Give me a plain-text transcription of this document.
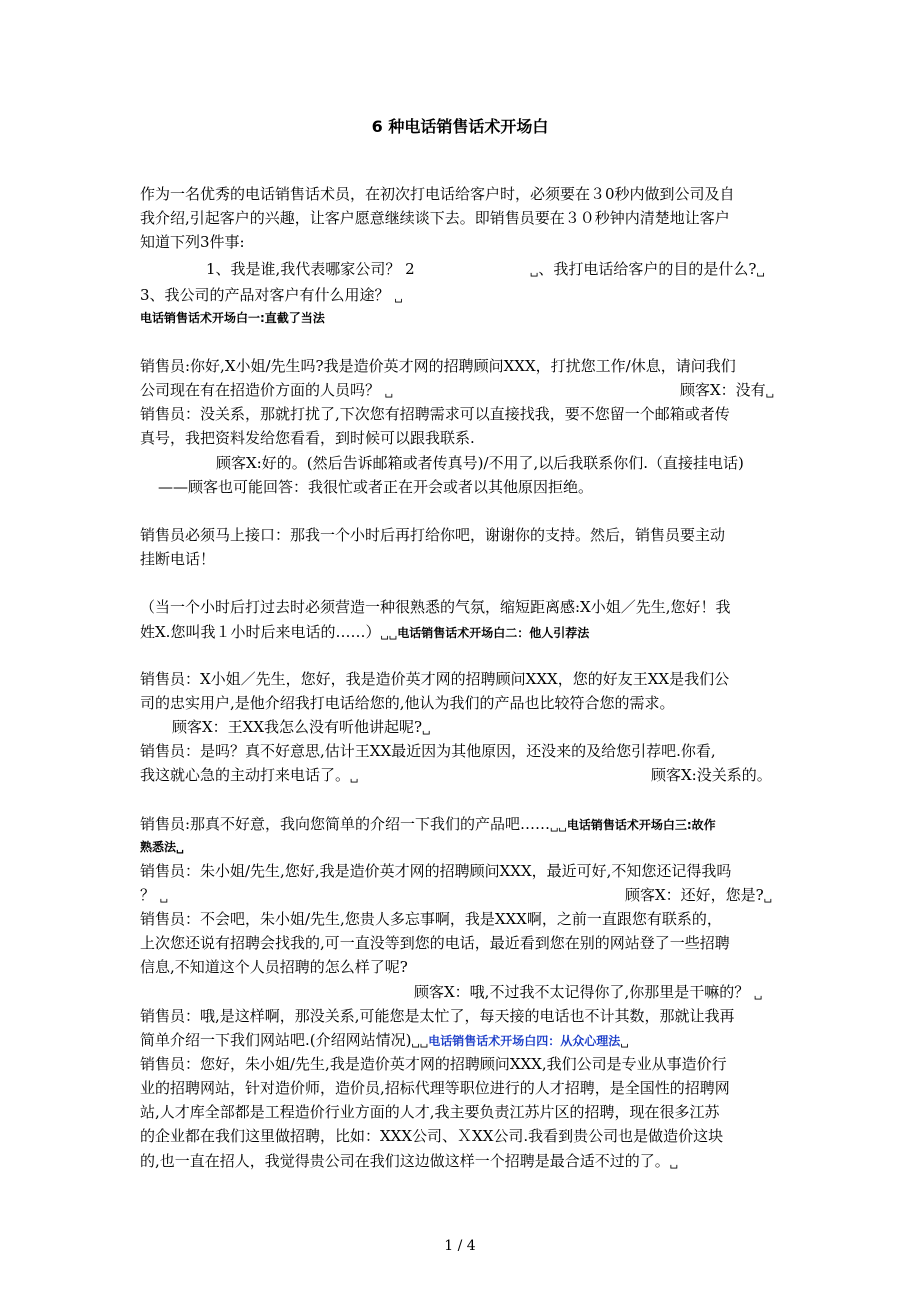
6 种电话销售话术开场白
作为一名优秀的电话销售话术员，在初次打电话给客户时，必须要在３0秒内做到公司及自
我介绍,引起客户的兴趣，让客户愿意继续谈下去。即销售员要在３０秒钟内清楚地让客户
知道下列3件事:
1、我是谁,我代表哪家公司？ 2	␣、我打电话给客户的目的是什么?␣
3、我公司的产品对客户有什么用途？ ␣
电话销售话术开场白一:直截了当法
销售员:你好,X小姐/先生吗?我是造价英才网的招聘顾问XXX，打扰您工作/休息，请问我们
公司现在有在招造价方面的人员吗？ ␣	顾客X：没有␣
销售员：没关系，那就打扰了,下次您有招聘需求可以直接找我，要不您留一个邮箱或者传
真号，我把资料发给您看看，到时候可以跟我联系.
顾客X:好的。(然后告诉邮箱或者传真号)/不用了,以后我联系你们.（直接挂电话)
——顾客也可能回答：我很忙或者正在开会或者以其他原因拒绝。
销售员必须马上接口：那我一个小时后再打给你吧，谢谢你的支持。然后，销售员要主动
挂断电话！
（当一个小时后打过去时必须营造一种很熟悉的气氛，缩短距离感:X小姐／先生,您好！我
姓X.您叫我１小时后来电话的……）␣␣电话销售话术开场白二：他人引荐法
销售员：X小姐／先生，您好，我是造价英才网的招聘顾问XXX，您的好友王XX是我们公
司的忠实用户,是他介绍我打电话给您的,他认为我们的产品也比较符合您的需求。
顾客X：王XX我怎么没有听他讲起呢?␣
销售员：是吗？真不好意思,估计王XX最近因为其他原因，还没来的及给您引荐吧.你看,
我这就心急的主动打来电话了。␣	顾客X:没关系的。
销售员:那真不好意，我向您简单的介绍一下我们的产品吧……␣␣电话销售话术开场白三:故作
熟悉法␣
销售员：朱小姐/先生,您好,我是造价英才网的招聘顾问XXX，最近可好,不知您还记得我吗
？ ␣	顾客X：还好，您是?␣
销售员：不会吧，朱小姐/先生,您贵人多忘事啊，我是XXX啊，之前一直跟您有联系的，
上次您还说有招聘会找我的,可一直没等到您的电话，最近看到您在别的网站登了一些招聘
信息,不知道这个人员招聘的怎么样了呢?
顾客X：哦,不过我不太记得你了,你那里是干嘛的？ ␣
销售员：哦,是这样啊，那没关系,可能您是太忙了，每天接的电话也不计其数，那就让我再
简单介绍一下我们网站吧.(介绍网站情况)␣␣电话销售话术开场白四：从众心理法␣
销售员：您好，朱小姐/先生,我是造价英才网的招聘顾问XXX,我们公司是专业从事造价行
业的招聘网站，针对造价师，造价员,招标代理等职位进行的人才招聘，是全国性的招聘网
站,人才库全部都是工程造价行业方面的人才,我主要负责江苏片区的招聘，现在很多江苏
的企业都在我们这里做招聘，比如：XXX公司、ＸXX公司.我看到贵公司也是做造价这块
的,也一直在招人，我觉得贵公司在我们这边做这样一个招聘是最合适不过的了。␣
1 / 4
